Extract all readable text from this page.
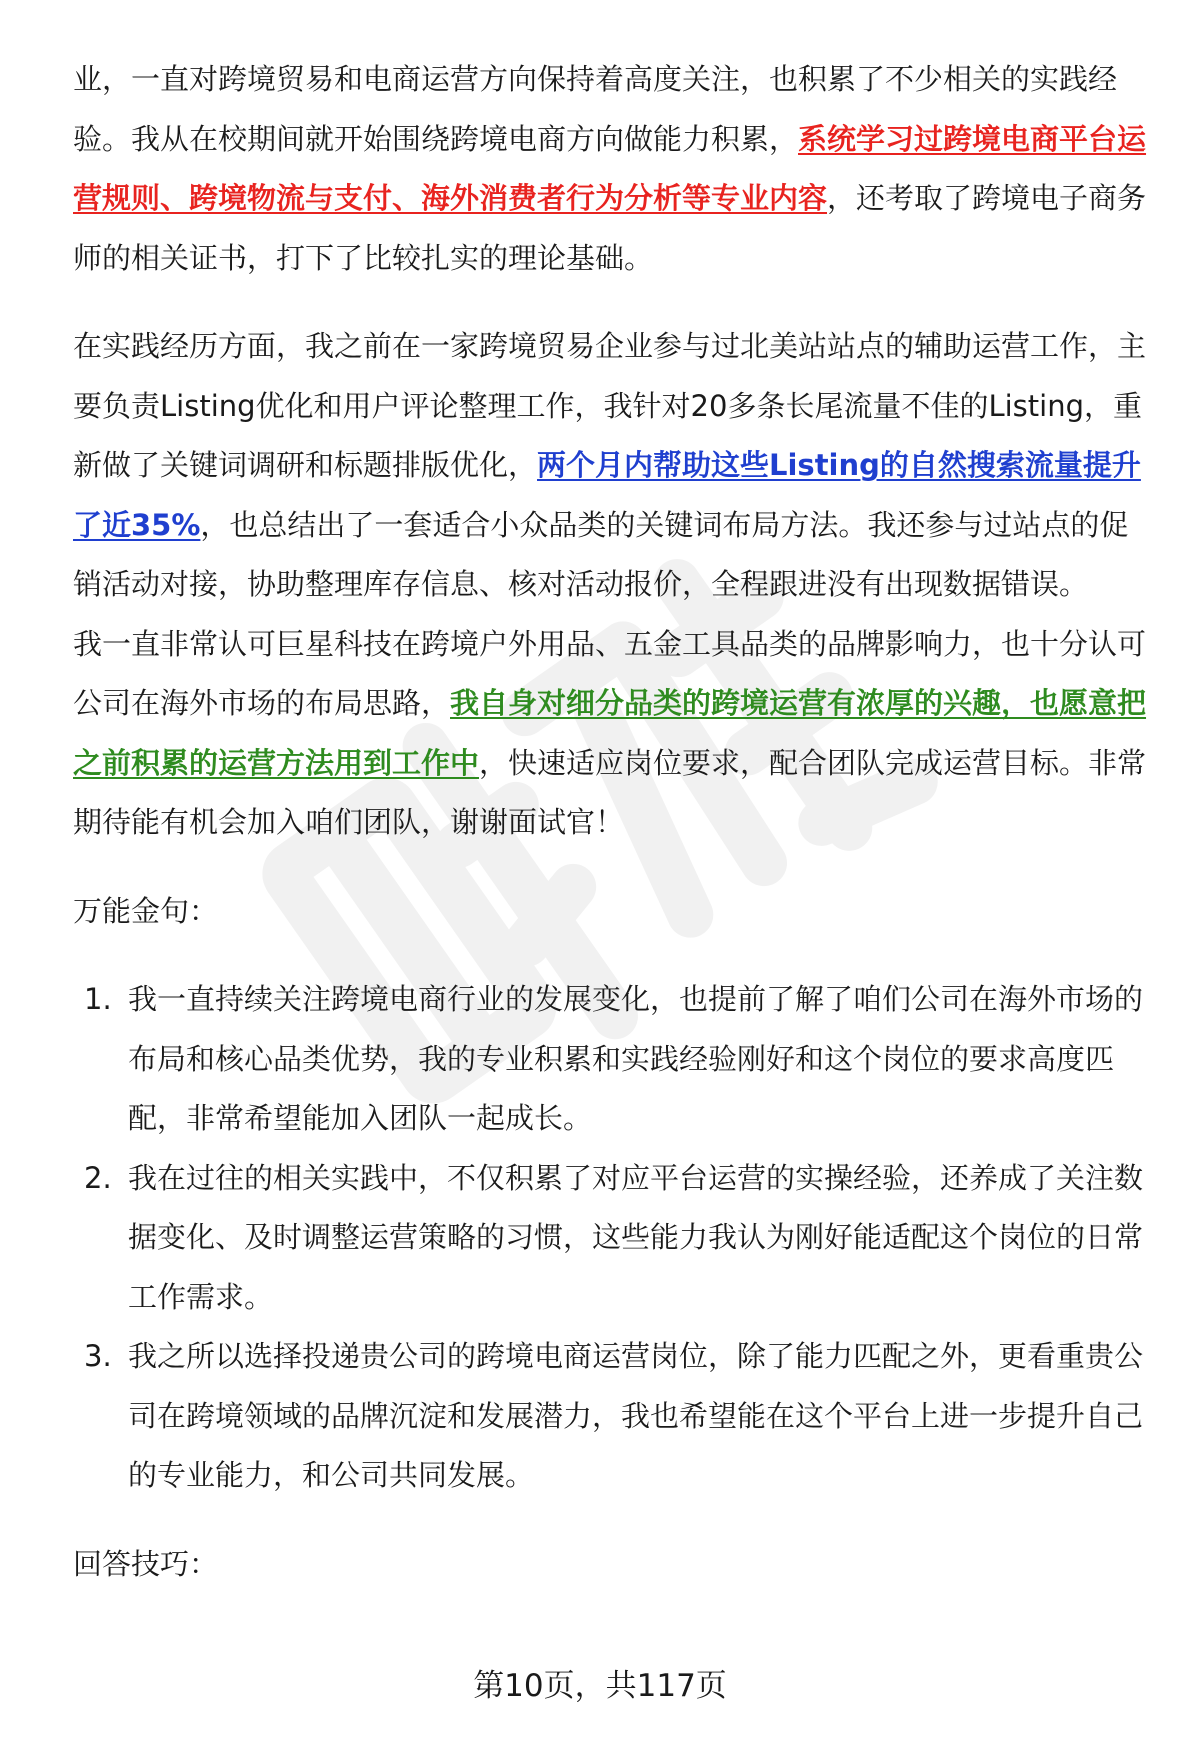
业，一直对跨境贸易和电商运营方向保持着高度关注，也积累了不少相关的实践经验。我从在校期间就开始围绕跨境电商方向做能力积累，系统学习过跨境电商平台运营规则、跨境物流与支付、海外消费者行为分析等专业内容，还考取了跨境电子商务师的相关证书，打下了比较扎实的理论基础。

在实践经历方面，我之前在一家跨境贸易企业参与过北美站站点的辅助运营工作，主要负责Listing优化和用户评论整理工作，我针对20多条长尾流量不佳的Listing，重新做了关键词调研和标题排版优化，两个月内帮助这些Listing的自然搜索流量提升了近35%，也总结出了一套适合小众品类的关键词布局方法。我还参与过站点的促销活动对接，协助整理库存信息、核对活动报价，全程跟进没有出现数据错误。

我一直非常认可巨星科技在跨境户外用品、五金工具品类的品牌影响力，也十分认可公司在海外市场的布局思路，我自身对细分品类的跨境运营有浓厚的兴趣，也愿意把之前积累的运营方法用到工作中，快速适应岗位要求，配合团队完成运营目标。非常期待能有机会加入咱们团队，谢谢面试官！

万能金句：

1. 我一直持续关注跨境电商行业的发展变化，也提前了解了咱们公司在海外市场的布局和核心品类优势，我的专业积累和实践经验刚好和这个岗位的要求高度匹配，非常希望能加入团队一起成长。
2. 我在过往的相关实践中，不仅积累了对应平台运营的实操经验，还养成了关注数据变化、及时调整运营策略的习惯，这些能力我认为刚好能适配这个岗位的日常工作需求。
3. 我之所以选择投递贵公司的跨境电商运营岗位，除了能力匹配之外，更看重贵公司在跨境领域的品牌沉淀和发展潜力，我也希望能在这个平台上进一步提升自己的专业能力，和公司共同发展。

回答技巧：

第10页，共117页
